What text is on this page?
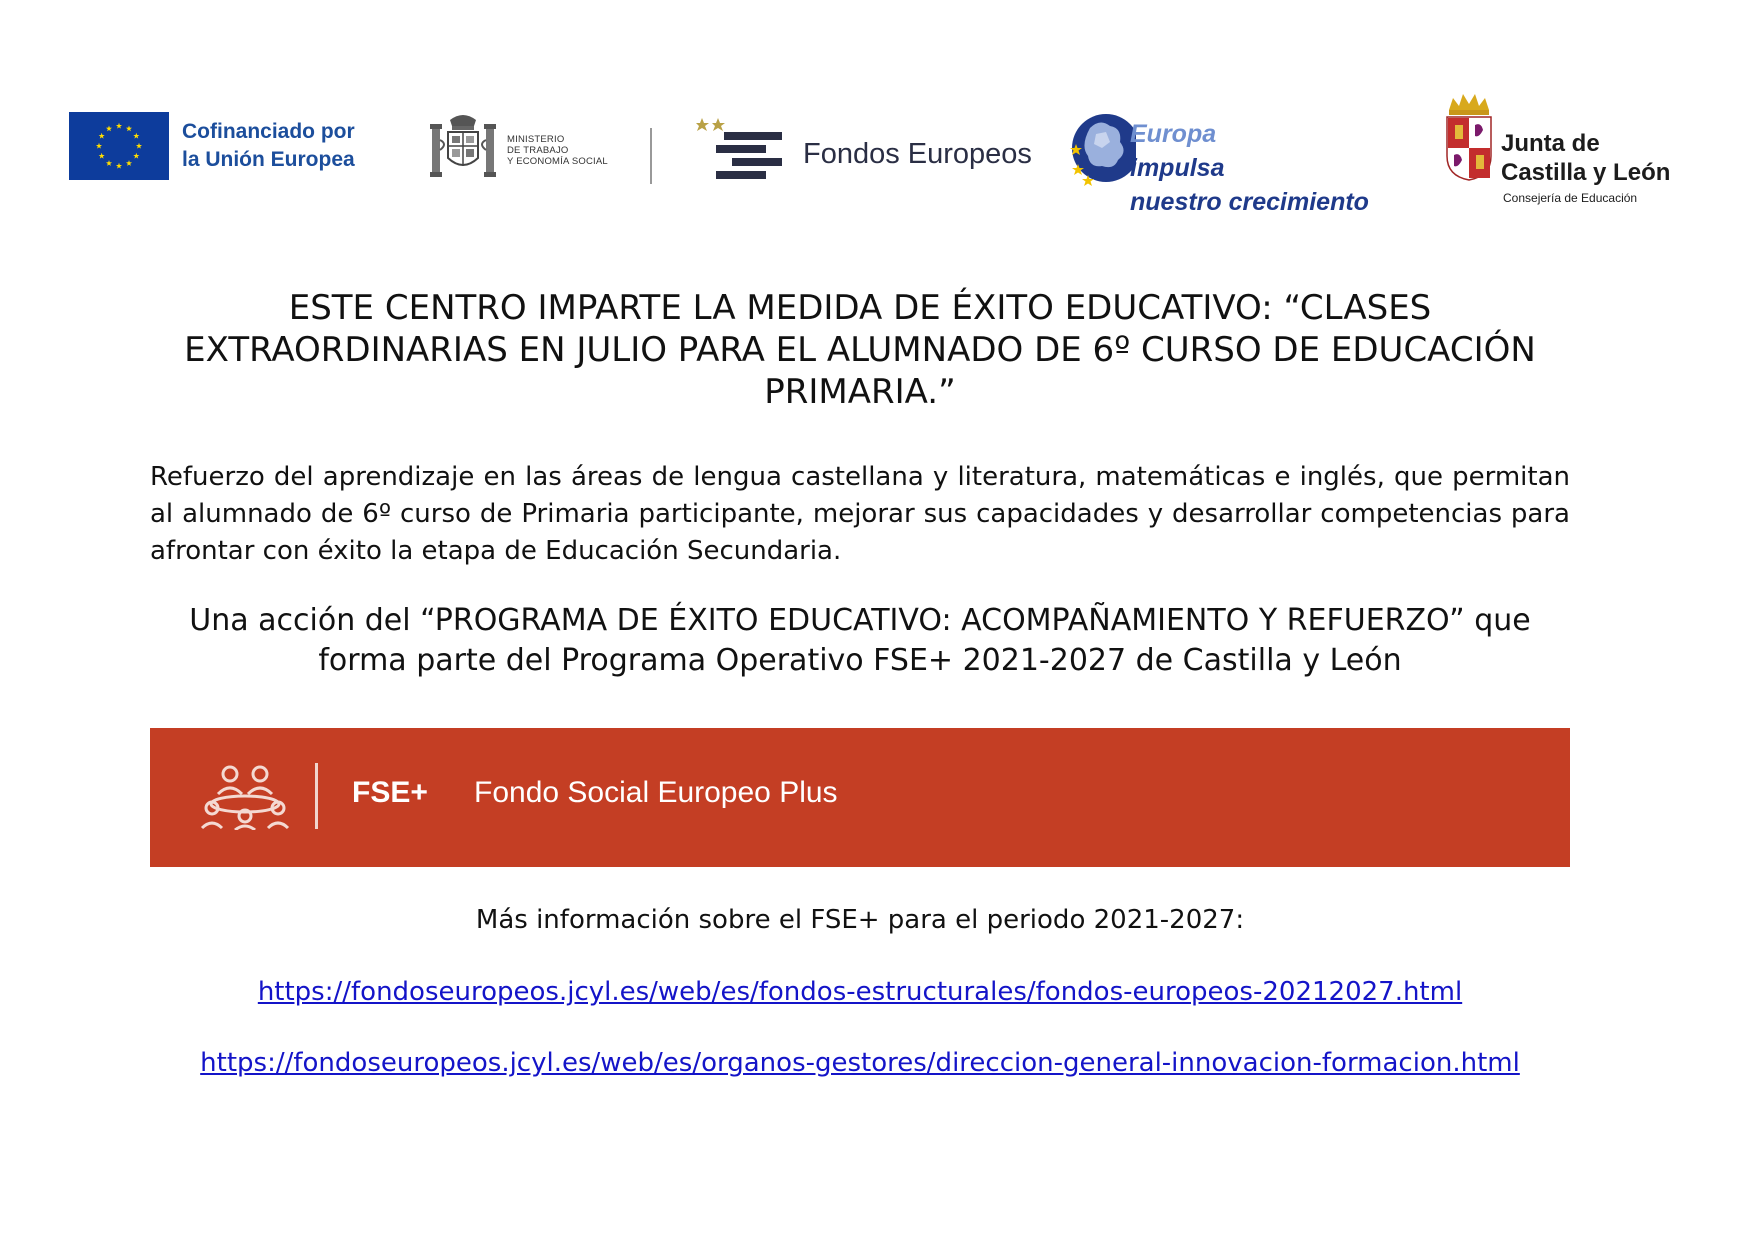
Cofinanciado por
la Unión Europea
MINISTERIO
DE TRABAJO
Y ECONOMÍA SOCIAL	Fondos Europeos
Europa
impulsa
nuestro crecimiento
Junta de
Castilla y León
Consejería de Educación
ESTE CENTRO IMPARTE LA MEDIDA DE ÉXITO EDUCATIVO: “CLASES EXTRAORDINARIAS EN JULIO PARA EL ALUMNADO DE 6º CURSO DE EDUCACIÓN PRIMARIA.”
Refuerzo del aprendizaje en las áreas de lengua castellana y literatura, matemáticas e inglés, que permitan al alumnado de 6º curso de Primaria participante, mejorar sus capacidades y desarrollar competencias para afrontar con éxito la etapa de Educación Secundaria.
Una acción del “PROGRAMA DE ÉXITO EDUCATIVO: ACOMPAÑAMIENTO Y REFUERZO” que forma parte del Programa Operativo FSE+ 2021-2027 de Castilla y León
FSE+ Fondo Social Europeo Plus
Más información sobre el FSE+ para el periodo 2021-2027:
https://fondoseuropeos.jcyl.es/web/es/fondos-estructurales/fondos-europeos-20212027.html
https://fondoseuropeos.jcyl.es/web/es/organos-gestores/direccion-general-innovacion-formacion.html
